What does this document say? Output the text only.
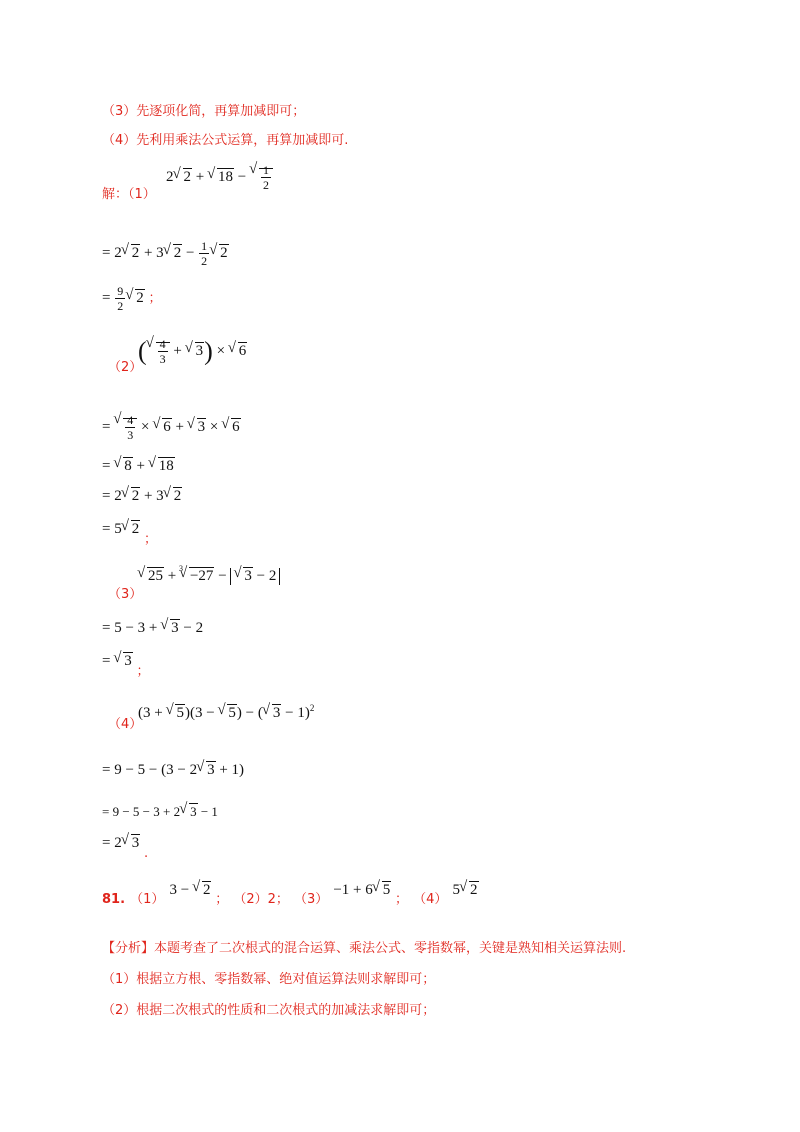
（3）先逐项化简，再算加减即可；
（4）先利用乘法公式运算，再算加减即可.
解：（1）
2 √ 2 + √ 18 − √ $\frac{1}{2}$
= 2 √ 2 + 3 √ $2 - \frac{1}{2}$ √ 2
= $\frac{9}{2}$ √ 2 ；
（2）
( √ $\frac{4}{3}$ + √ 3) × √ 6
= √ $\frac{4}{3}$ × √ 6 + √ 3 × √ 6
= √ 8 + √ 18
= 2 √ 2 + 3 √ 2
= 5 √ 2 ；
（3）
√ 25 + 3 √ −27 − √ 3 − 2
= 5 − 3 + √ 3 − 2
= √ 3 ；
（4）
(3 + √ 5)(3 − √ 5) − ( √ 3 − 1)$^2$
= 9 − 5 − (3 − 2 √ 3 + 1)
= 9 − 5 − 3 + 2 √ 3 − 1
= 2 √ 3 .
81. （1） 3 − √ 2 ； （2）2； （3） −1 + 6 √ 5 ； （4） 5 √ 2
【分析】本题考查了二次根式的混合运算、乘法公式、零指数幂，关键是熟知相关运算法则.
（1）根据立方根、零指数幂、绝对值运算法则求解即可；
（2）根据二次根式的性质和二次根式的加减法求解即可；
